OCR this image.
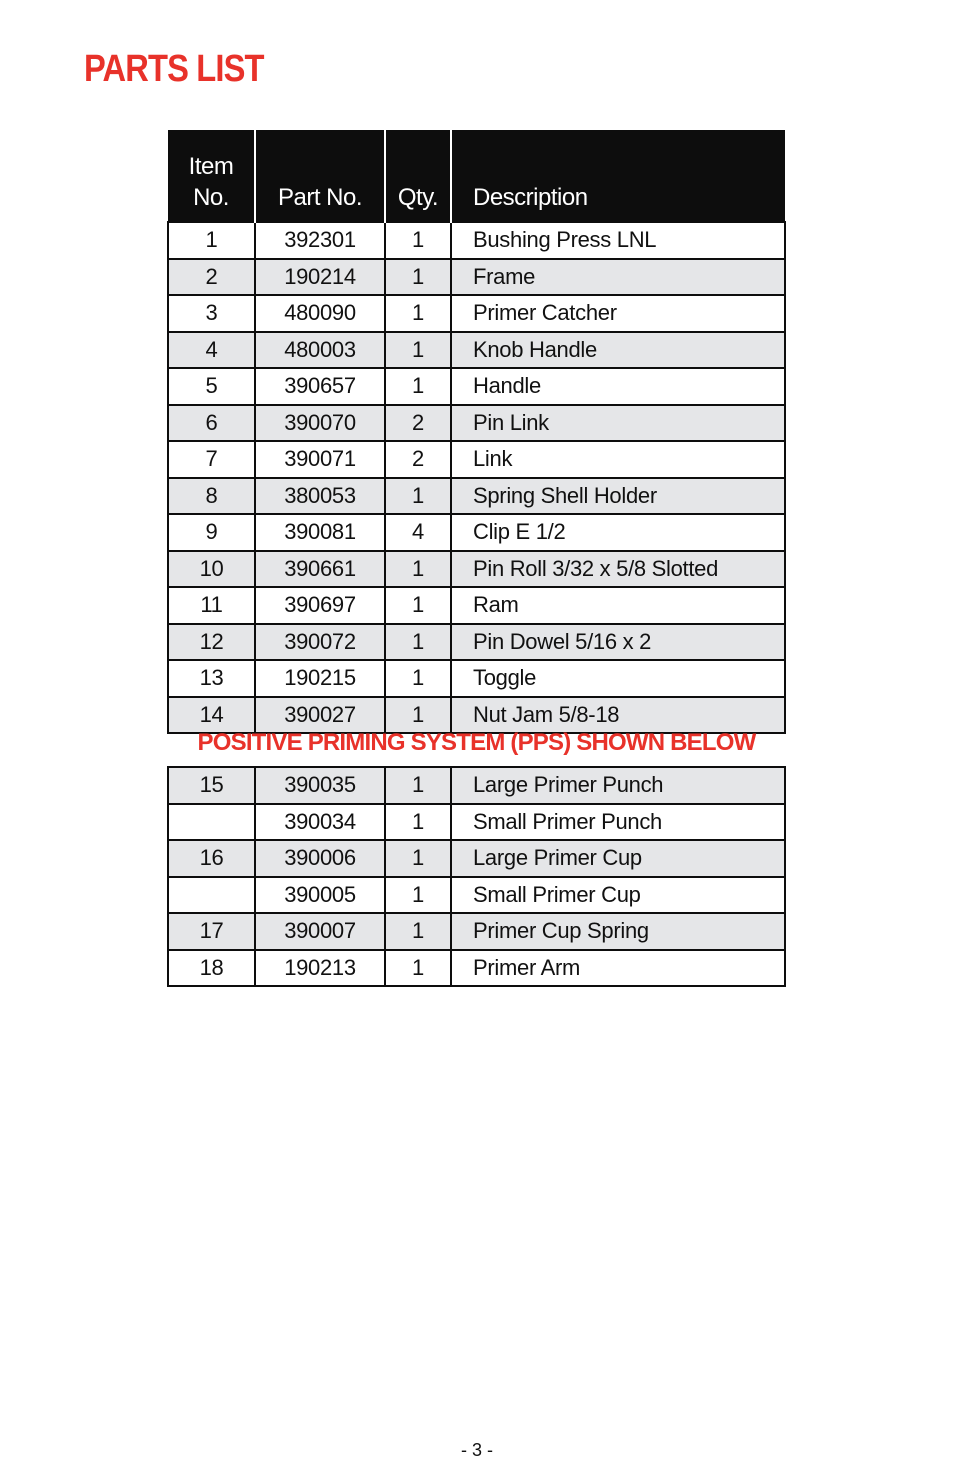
PARTS LIST
Item No.	Part No.	Qty.	Description
1	392301	1	Bushing Press LNL
2	190214	1	Frame
3	480090	1	Primer Catcher
4	480003	1	Knob Handle
5	390657	1	Handle
6	390070	2	Pin Link
7	390071	2	Link
8	380053	1	Spring Shell Holder
9	390081	4	Clip E 1/2
10	390661	1	Pin Roll 3/32 x 5/8 Slotted
11	390697	1	Ram
12	390072	1	Pin Dowel 5/16 x 2
13	190215	1	Toggle
14	390027	1	Nut Jam 5/8-18
POSITIVE PRIMING SYSTEM (PPS) SHOWN BELOW
15	390035	1	Large Primer Punch
	390034	1	Small Primer Punch
16	390006	1	Large Primer Cup
	390005	1	Small Primer Cup
17	390007	1	Primer Cup Spring
18	190213	1	Primer Arm
- 3 -
